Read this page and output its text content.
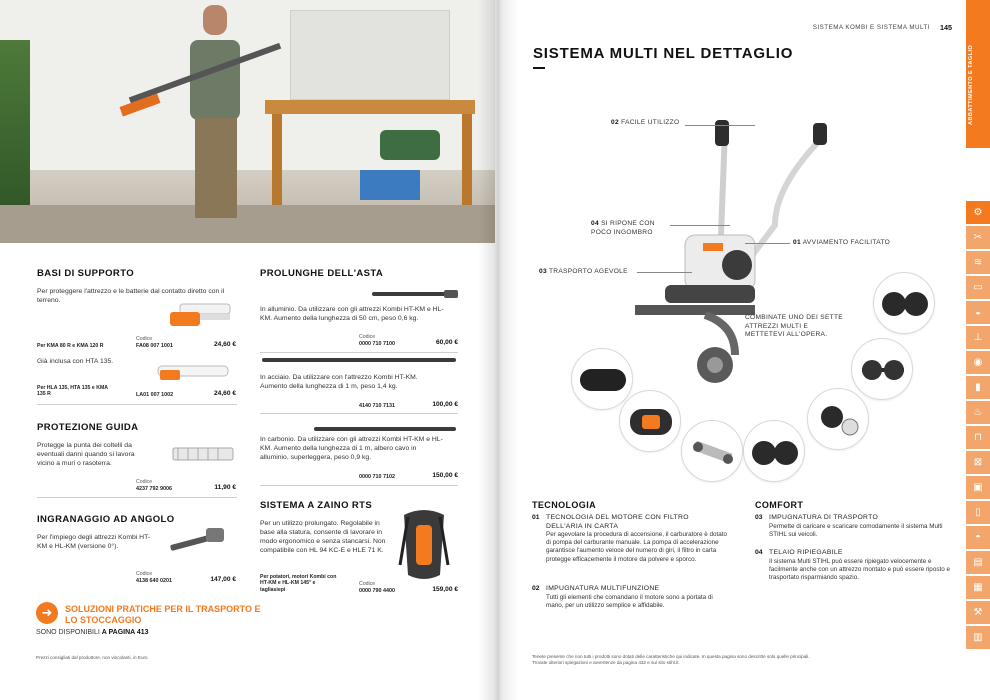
BASI DI SUPPORTO
Per proteggere l'attrezzo e le batterie dal contatto diretto con il terreno.
Codice
Per KMA 80 R e KMA 120 R	FA08 007 1001	24,60 €
Già inclusa con HTA 135.
Per HLA 135, HTA 135 e KMA 135 R	LA01 007 1002	24,60 €
PROTEZIONE GUIDA
Protegge la punta dei coltelli da eventuali danni quando si lavora vicino a muri o rasoterra.
Codice
4237 792 9006	11,90 €
INGRANAGGIO AD ANGOLO
Per l'impiego degli attrezzi Kombi HT-KM e HL-KM (versione 0°).
Codice
4138 640 0201	147,00 €
PROLUNGHE DELL'ASTA
In alluminio. Da utilizzare con gli attrezzi Kombi HT-KM e HL-KM. Aumento della lunghezza di 50 cm, peso 0,6 kg.
Codice
0000 710 7100	60,00 €
In acciaio. Da utilizzare con l'attrezzo Kombi HT-KM. Aumento della lunghezza di 1 m, peso 1,4 kg.
4140 710 7131	100,00 €
In carbonio. Da utilizzare con gli attrezzi Kombi HT-KM e HL-KM. Aumento della lunghezza di 1 m, albero cavo in alluminio, superleggera, peso 0,9 kg.
0000 710 7102	150,00 €
SISTEMA A ZAINO RTS
Per un utilizzo prolungato. Regolabile in base alla statura, consente di lavorare in modo ergonomico e senza stancarsi. Non compatibile con HL 94 KC-E e HLE 71 K.
Per potatori, motori Kombi con HT-KM e HL-KM 145° e tagliasiepi
Codice
0000 790 4400	159,00 €
➜	SOLUZIONI PRATICHE PER IL TRASPORTO E LO STOCCAGGIO
SONO DISPONIBILI A PAGINA 413
Prezzi consigliati dal produttore, non vincolanti, in Euro
SISTEMA KOMBI E SISTEMA MULTI 145
SISTEMA MULTI NEL DETTAGLIO
02 FACILE UTILIZZO
04 SI RIPONE CON POCO INGOMBRO
01 AVVIAMENTO FACILITATO
03 TRASPORTO AGEVOLE
COMBINATE UNO DEI SETTE ATTREZZI MULTI E METTETEVI ALL'OPERA.
TECNOLOGIA
01 TECNOLOGIA DEL MOTORE CON FILTRO DELL'ARIA IN CARTA
Per agevolare la procedura di accensione, il carburatore è dotato di pompa del carburante manuale. La pompa di accelerazione garantisce l'aumento veloce del numero di giri, il filtro in carta protegge efficacemente il motore da polvere e sporco.
02 IMPUGNATURA MULTIFUNZIONE
Tutti gli elementi che comandano il motore sono a portata di mano, per un utilizzo semplice e affidabile.
COMFORT
03 IMPUGNATURA DI TRASPORTO
Permette di caricare e scaricare comodamente il sistema Multi STIHL sui veicoli.
04 TELAIO RIPIEGABILE
Il sistema Multi STIHL può essere ripiegato velocemente e facilmente anche con un attrezzo montato e può essere riposto e trasportato risparmiando spazio.
Tenete presente che non tutti i prodotti sono dotati delle caratteristiche qui indicate. In questa pagina sono descritte solo quelle principali.
Trovate ulteriori spiegazioni e avvertenze da pagina 432 e sul sito stihl.it.
ABBATTIMENTO E TAGLIO
⚙
✂
≋
▭
◒
⊥
◉
▮
♨
⊓
⊠
▣
▯
◓
▤
▦
⚒
▥
